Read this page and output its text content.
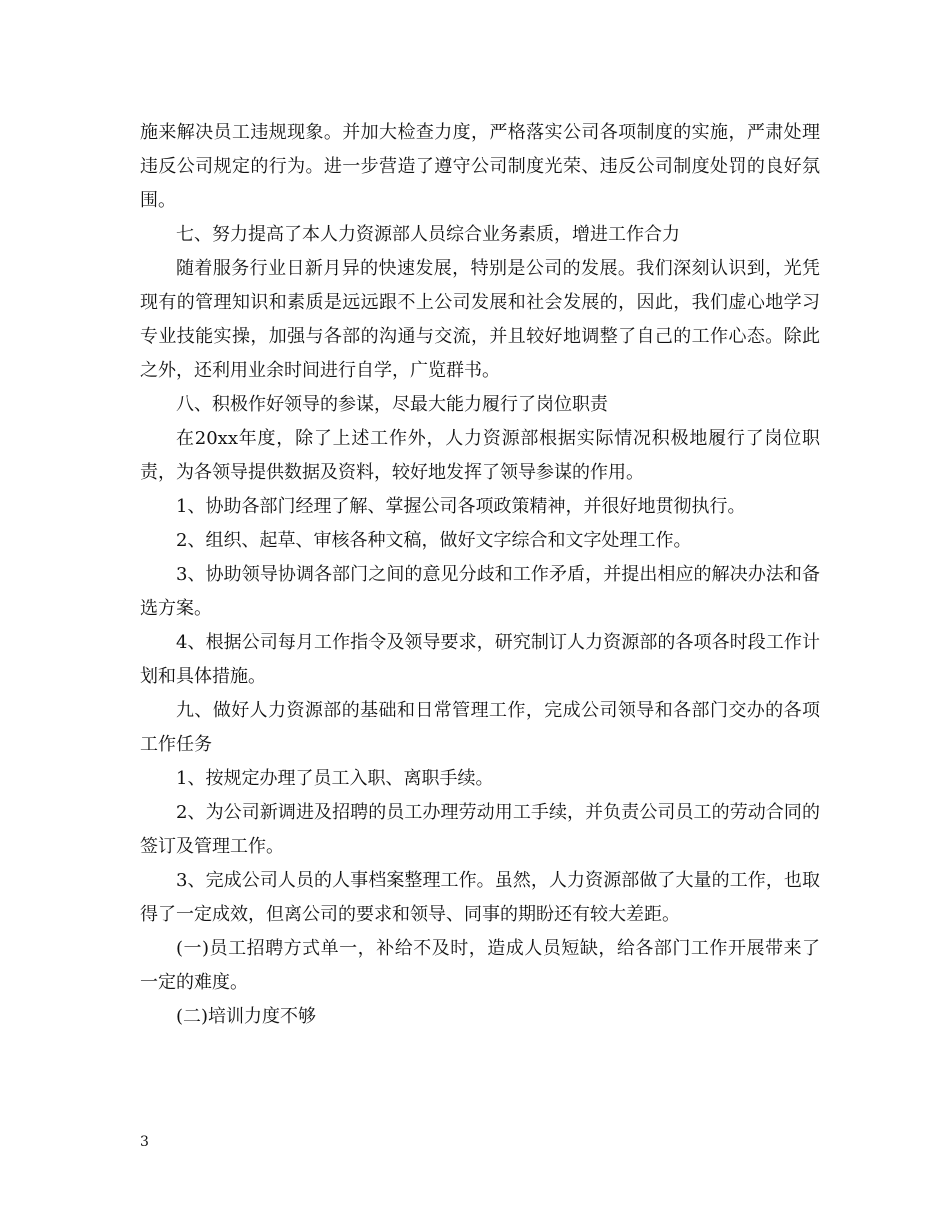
施来解决员工违规现象。并加大检查力度，严格落实公司各项制度的实施，严肃处理违反公司规定的行为。进一步营造了遵守公司制度光荣、违反公司制度处罚的良好氛围。

七、努力提高了本人力资源部人员综合业务素质，增进工作合力

随着服务行业日新月异的快速发展，特别是公司的发展。我们深刻认识到，光凭现有的管理知识和素质是远远跟不上公司发展和社会发展的，因此，我们虚心地学习专业技能实操，加强与各部的沟通与交流，并且较好地调整了自己的工作心态。除此之外，还利用业余时间进行自学，广览群书。

八、积极作好领导的参谋，尽最大能力履行了岗位职责

在20xx年度，除了上述工作外，人力资源部根据实际情况积极地履行了岗位职责，为各领导提供数据及资料，较好地发挥了领导参谋的作用。

1、协助各部门经理了解、掌握公司各项政策精神，并很好地贯彻执行。

2、组织、起草、审核各种文稿，做好文字综合和文字处理工作。

3、协助领导协调各部门之间的意见分歧和工作矛盾，并提出相应的解决办法和备选方案。

4、根据公司每月工作指令及领导要求，研究制订人力资源部的各项各时段工作计划和具体措施。

九、做好人力资源部的基础和日常管理工作，完成公司领导和各部门交办的各项工作任务

1、按规定办理了员工入职、离职手续。

2、为公司新调进及招聘的员工办理劳动用工手续，并负责公司员工的劳动合同的签订及管理工作。

3、完成公司人员的人事档案整理工作。虽然，人力资源部做了大量的工作，也取得了一定成效，但离公司的要求和领导、同事的期盼还有较大差距。

(一)员工招聘方式单一，补给不及时，造成人员短缺，给各部门工作开展带来了一定的难度。

(二)培训力度不够

3
